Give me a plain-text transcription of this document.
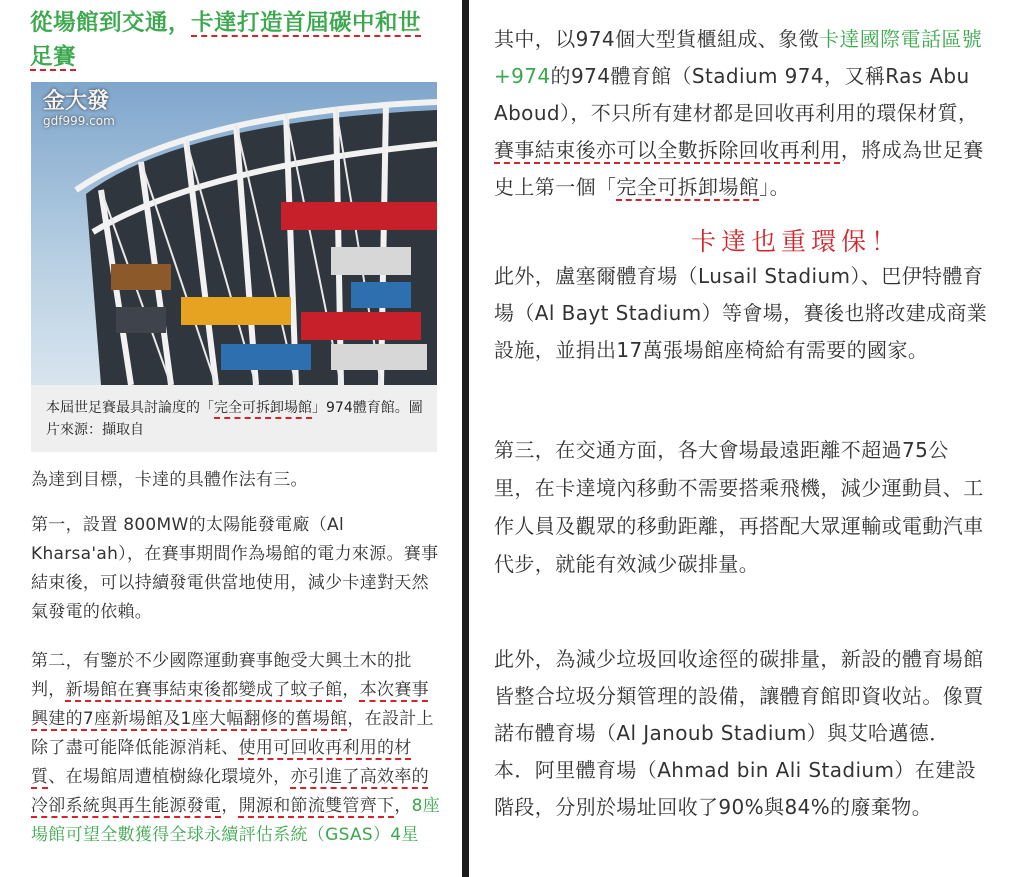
從場館到交通，卡達打造首屆碳中和世足賽
金大發
gdf999.com

本屆世足賽最具討論度的「完全可拆卸場館」974體育館。圖片來源：擷取自

為達到目標，卡達的具體作法有三。

第一，設置 800MW的太陽能發電廠（Al Kharsa'ah），在賽事期間作為場館的電力來源。賽事結束後，可以持續發電供當地使用，減少卡達對天然氣發電的依賴。

第二，有鑒於不少國際運動賽事飽受大興土木的批判，新場館在賽事結束後都變成了蚊子館，本次賽事興建的7座新場館及1座大幅翻修的舊場館，在設計上除了盡可能降低能源消耗、使用可回收再利用的材質、在場館周遭植樹綠化環境外，亦引進了高效率的冷卻系統與再生能源發電，開源和節流雙管齊下，8座場館可望全數獲得全球永續評估系統（GSAS）4星

其中，以974個大型貨櫃組成、象徵卡達國際電話區號+974的974體育館（Stadium 974，又稱Ras Abu Aboud），不只所有建材都是回收再利用的環保材質，賽事結束後亦可以全數拆除回收再利用，將成為世足賽史上第一個「完全可拆卸場館」。

卡達也重環保！

此外，盧塞爾體育場（Lusail Stadium）、巴伊特體育場（Al Bayt Stadium）等會場，賽後也將改建成商業設施，並捐出17萬張場館座椅給有需要的國家。

第三，在交通方面，各大會場最遠距離不超過75公里，在卡達境內移動不需要搭乘飛機，減少運動員、工作人員及觀眾的移動距離，再搭配大眾運輸或電動汽車代步，就能有效減少碳排量。

此外，為減少垃圾回收途徑的碳排量，新設的體育場館皆整合垃圾分類管理的設備，讓體育館即資收站。像賈諾布體育場（Al Janoub Stadium）與艾哈邁德．本．阿里體育場（Ahmad bin Ali Stadium）在建設階段，分別於場址回收了90%與84%的廢棄物。
